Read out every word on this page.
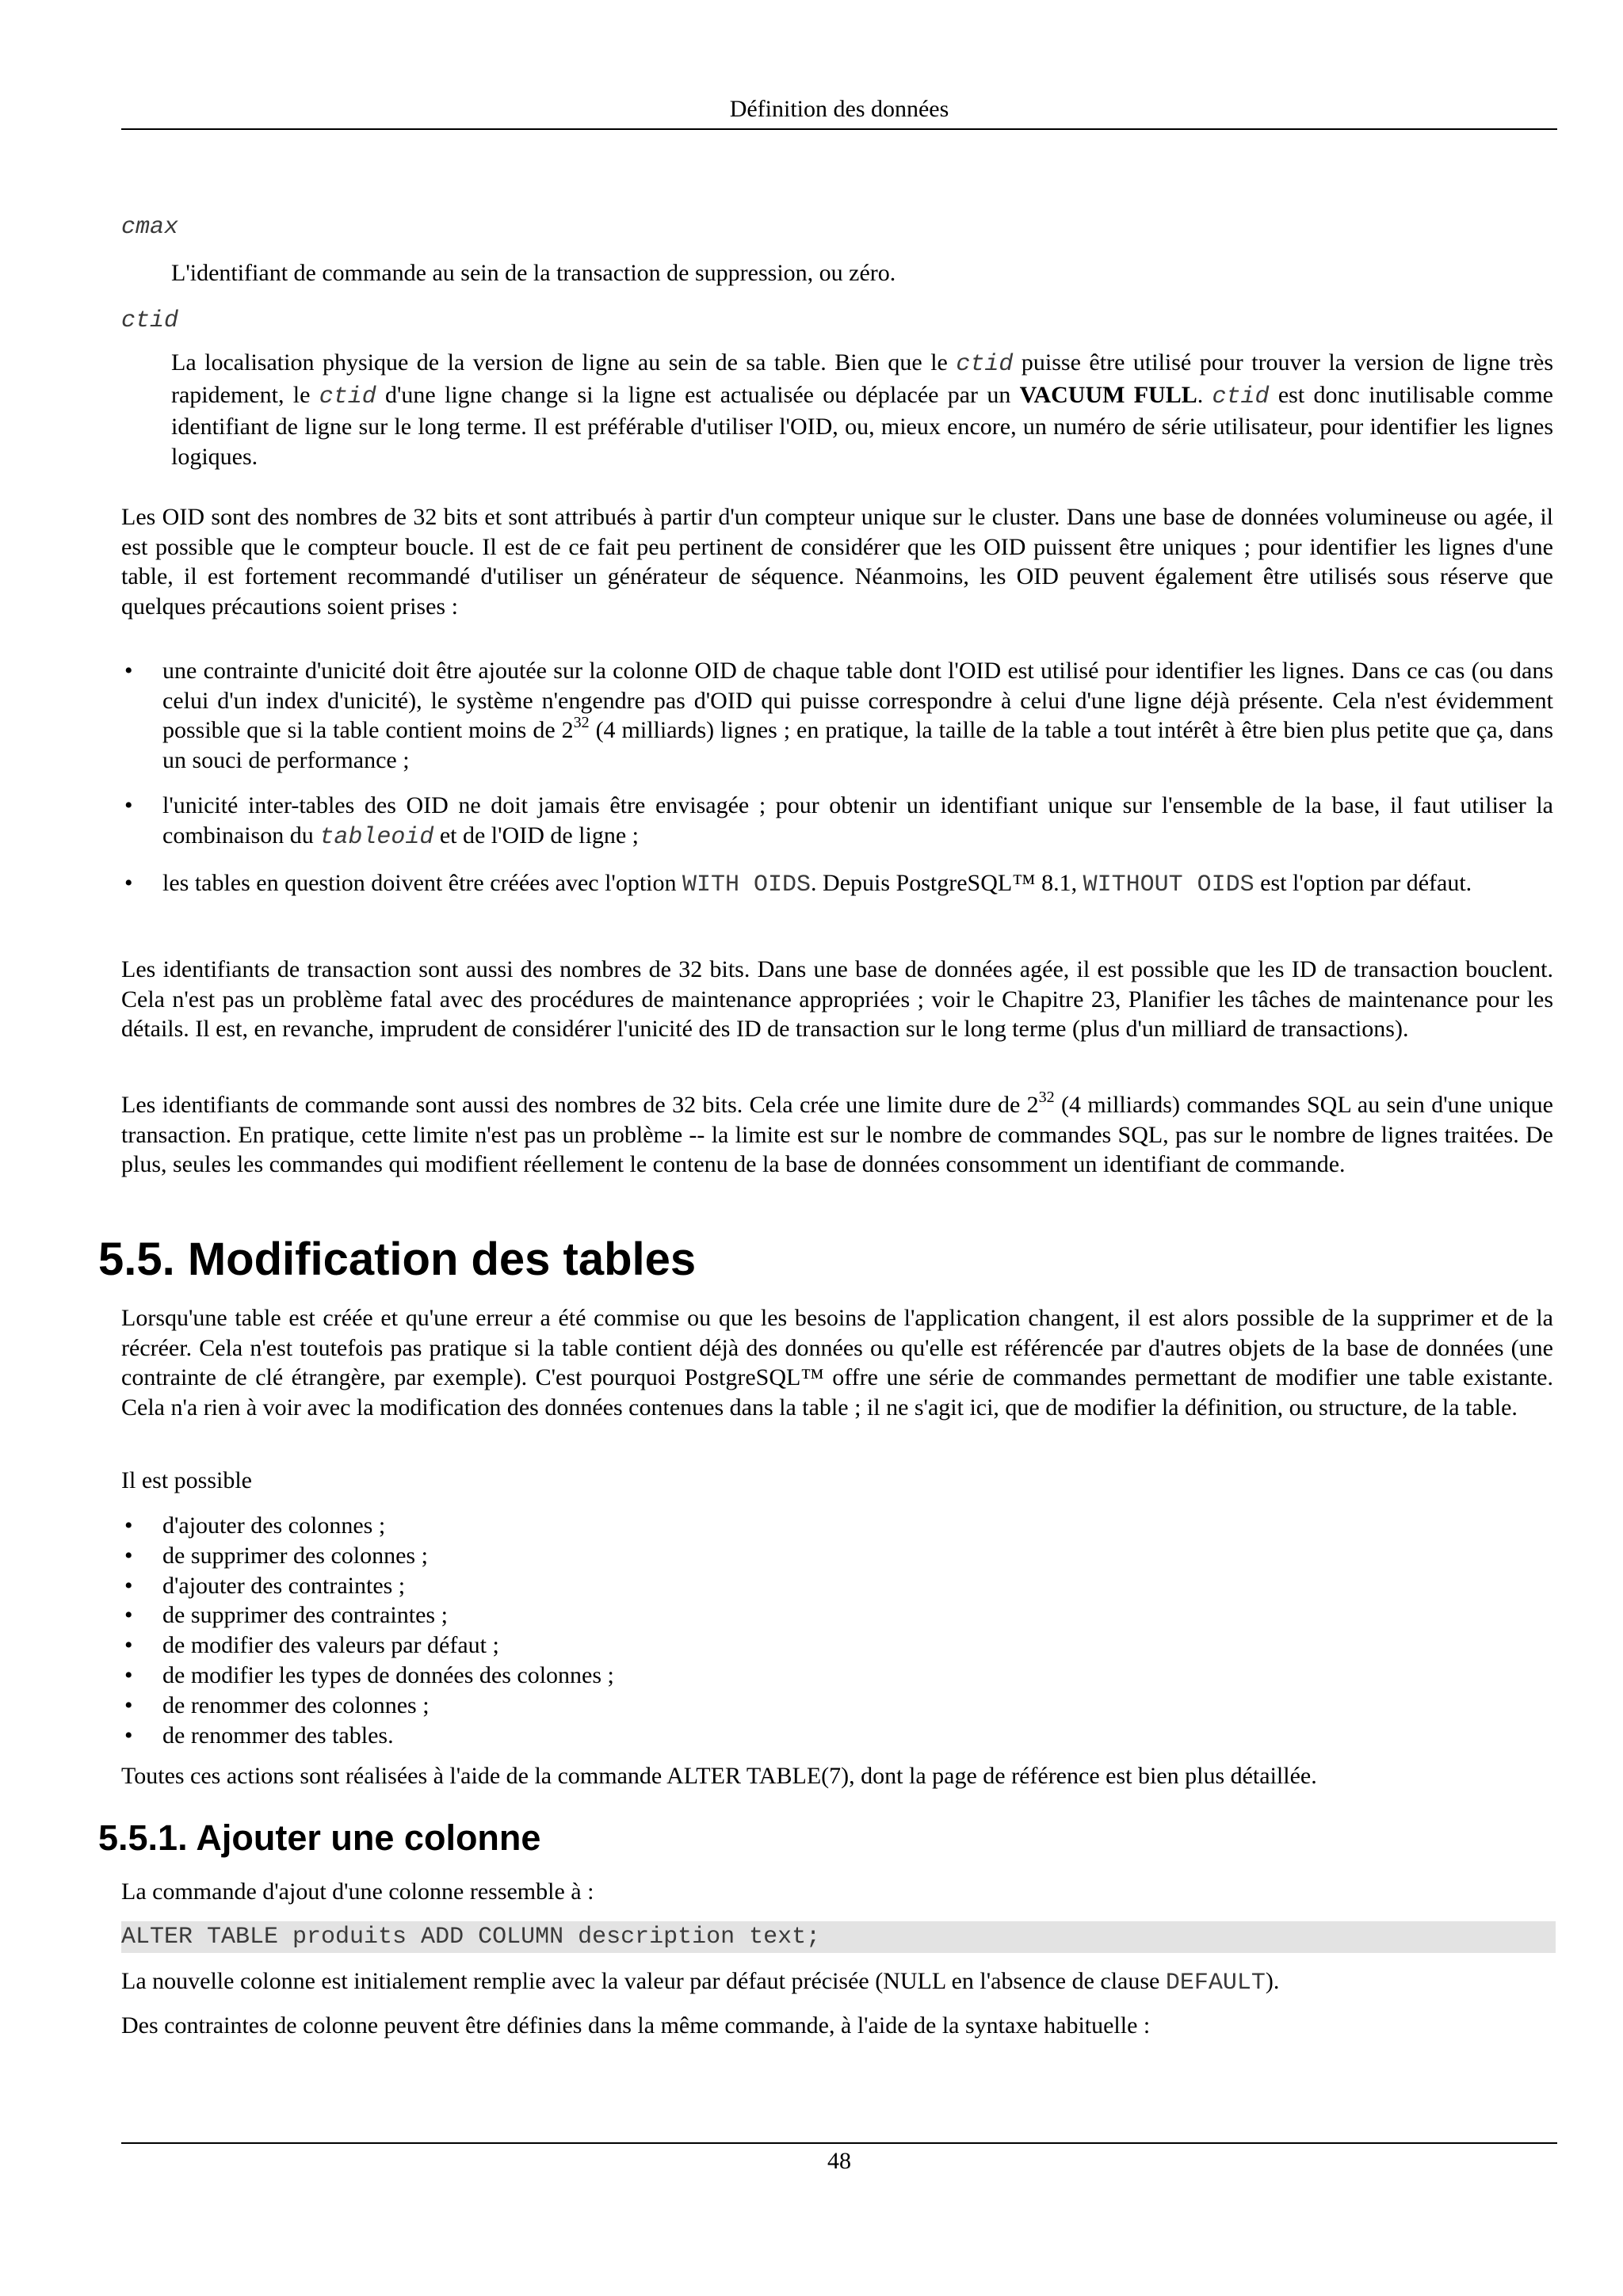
Définition des données
cmax
L'identifiant de commande au sein de la transaction de suppression, ou zéro.
ctid
La localisation physique de la version de ligne au sein de sa table. Bien que le ctid puisse être utilisé pour trouver la version de ligne très rapidement, le ctid d'une ligne change si la ligne est actualisée ou déplacée par un VACUUM FULL. ctid est donc inutilisable comme identifiant de ligne sur le long terme. Il est préférable d'utiliser l'OID, ou, mieux encore, un numéro de série utilisateur, pour identifier les lignes logiques.
Les OID sont des nombres de 32 bits et sont attribués à partir d'un compteur unique sur le cluster. Dans une base de données volumineuse ou agée, il est possible que le compteur boucle. Il est de ce fait peu pertinent de considérer que les OID puissent être uniques ; pour identifier les lignes d'une table, il est fortement recommandé d'utiliser un générateur de séquence. Néanmoins, les OID peuvent également être utilisés sous réserve que quelques précautions soient prises :
• une contrainte d'unicité doit être ajoutée sur la colonne OID de chaque table dont l'OID est utilisé pour identifier les lignes. Dans ce cas (ou dans celui d'un index d'unicité), le système n'engendre pas d'OID qui puisse correspondre à celui d'une ligne déjà présente. Cela n'est évidemment possible que si la table contient moins de $2^{32}$ (4 milliards) lignes ; en pratique, la taille de la table a tout intérêt à être bien plus petite que ça, dans un souci de performance ;
• l'unicité inter-tables des OID ne doit jamais être envisagée ; pour obtenir un identifiant unique sur l'ensemble de la base, il faut utiliser la combinaison du tableoid et de l'OID de ligne ;
• les tables en question doivent être créées avec l'option WITH OIDS. Depuis PostgreSQL™ 8.1, WITHOUT OIDS est l'option par défaut.
Les identifiants de transaction sont aussi des nombres de 32 bits. Dans une base de données agée, il est possible que les ID de transaction bouclent. Cela n'est pas un problème fatal avec des procédures de maintenance appropriées ; voir le Chapitre 23, Planifier les tâches de maintenance pour les détails. Il est, en revanche, imprudent de considérer l'unicité des ID de transaction sur le long terme (plus d'un milliard de transactions).
Les identifiants de commande sont aussi des nombres de 32 bits. Cela crée une limite dure de $2^{32}$ (4 milliards) commandes SQL au sein d'une unique transaction. En pratique, cette limite n'est pas un problème -- la limite est sur le nombre de commandes SQL, pas sur le nombre de lignes traitées. De plus, seules les commandes qui modifient réellement le contenu de la base de données consomment un identifiant de commande.
5.5. Modification des tables
Lorsqu'une table est créée et qu'une erreur a été commise ou que les besoins de l'application changent, il est alors possible de la supprimer et de la récréer. Cela n'est toutefois pas pratique si la table contient déjà des données ou qu'elle est référencée par d'autres objets de la base de données (une contrainte de clé étrangère, par exemple). C'est pourquoi PostgreSQL™ offre une série de commandes permettant de modifier une table existante. Cela n'a rien à voir avec la modification des données contenues dans la table ; il ne s'agit ici, que de modifier la définition, ou structure, de la table.
Il est possible
• d'ajouter des colonnes ;
• de supprimer des colonnes ;
• d'ajouter des contraintes ;
• de supprimer des contraintes ;
• de modifier des valeurs par défaut ;
• de modifier les types de données des colonnes ;
• de renommer des colonnes ;
• de renommer des tables.
Toutes ces actions sont réalisées à l'aide de la commande ALTER TABLE(7), dont la page de référence est bien plus détaillée.
5.5.1. Ajouter une colonne
La commande d'ajout d'une colonne ressemble à :
ALTER TABLE produits ADD COLUMN description text;
La nouvelle colonne est initialement remplie avec la valeur par défaut précisée (NULL en l'absence de clause DEFAULT).
Des contraintes de colonne peuvent être définies dans la même commande, à l'aide de la syntaxe habituelle :
48
